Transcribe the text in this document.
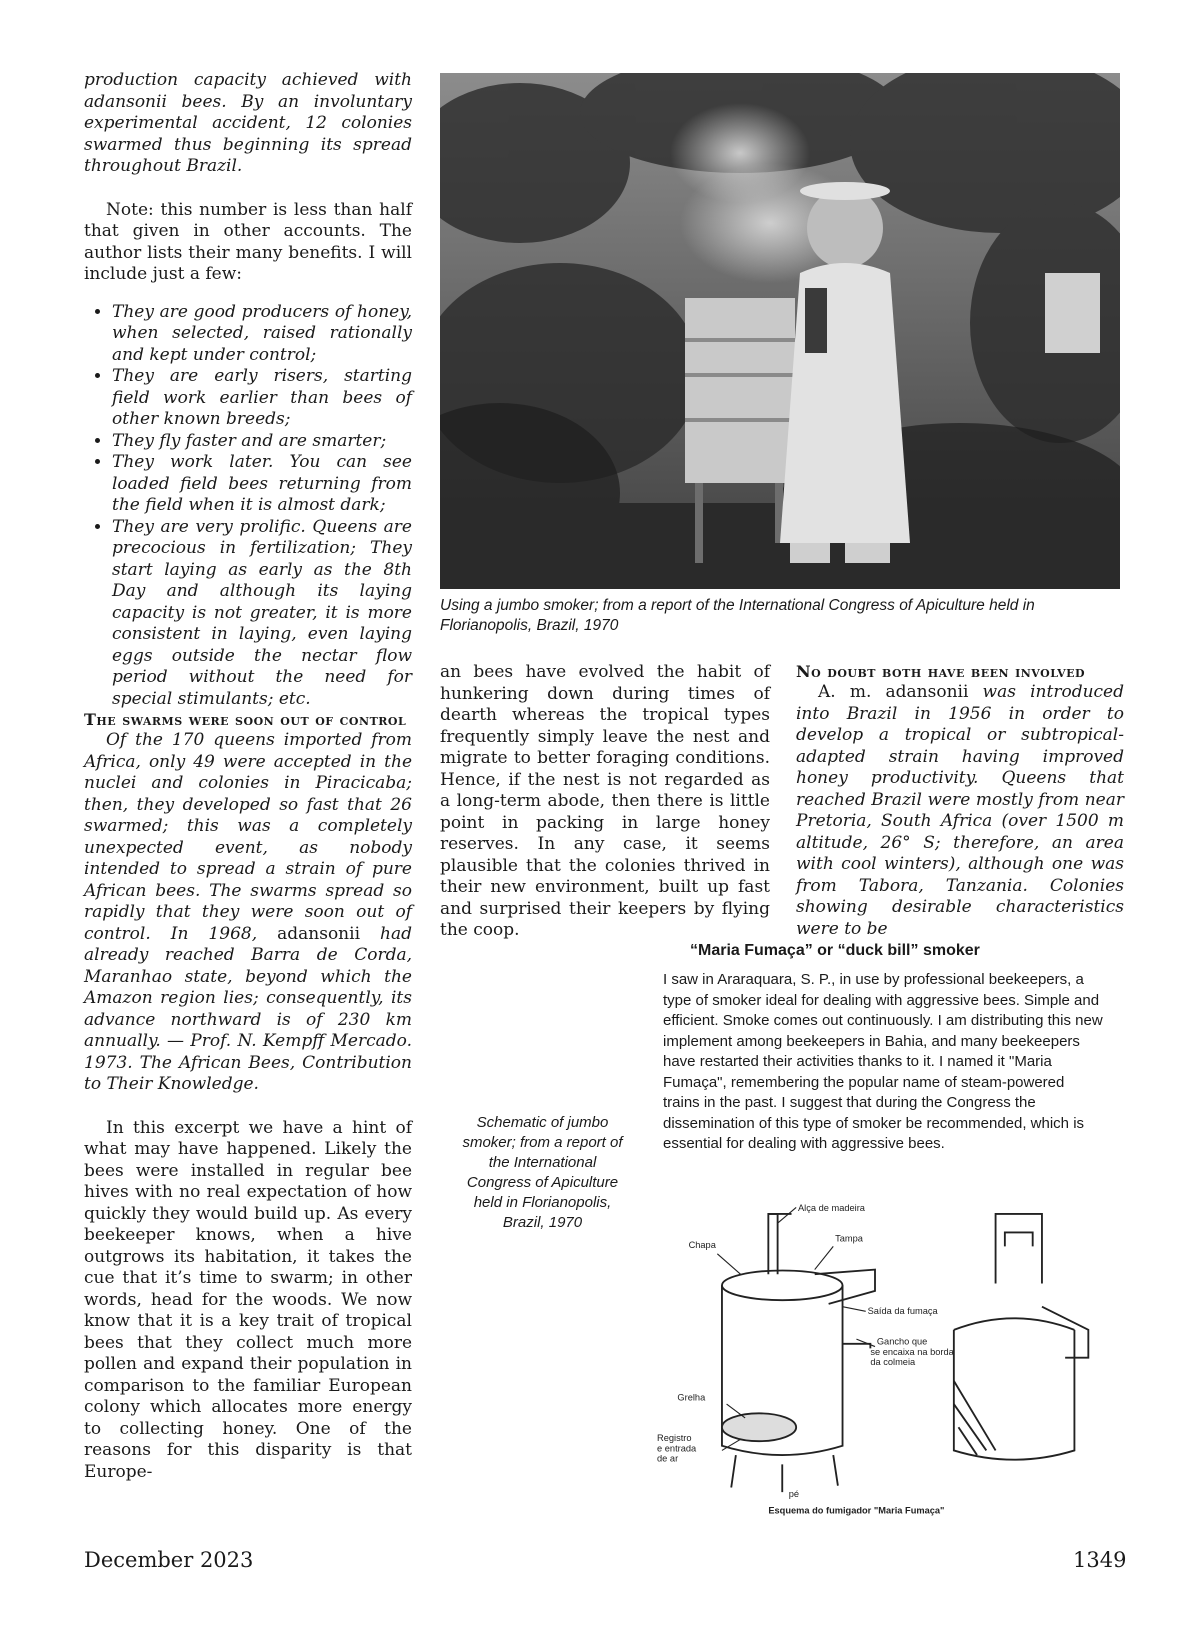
production capacity achieved with adansonii bees. By an involuntary experimental accident, 12 colonies swarmed thus beginning its spread throughout Brazil.

Note: this number is less than half that given in other accounts. The author lists their many benefits. I will include just a few:

• They are good producers of honey, when selected, raised rationally and kept under control;
• They are early risers, starting field work earlier than bees of other known breeds;
• They fly faster and are smarter;
• They work later. You can see loaded field bees returning from the field when it is almost dark;
• They are very prolific. Queens are precocious in fertilization; They start laying as early as the 8th Day and although its laying capacity is not greater, it is more consistent in laying, even laying eggs outside the nectar flow period without the need for special stimulants; etc.

The swarms were soon out of control

Of the 170 queens imported from Africa, only 49 were accepted in the nuclei and colonies in Piracicaba; then, they developed so fast that 26 swarmed; this was a completely unexpected event, as nobody intended to spread a strain of pure African bees. The swarms spread so rapidly that they were soon out of control. In 1968, adansonii had already reached Barra de Corda, Maranhao state, beyond which the Amazon region lies; consequently, its advance northward is of 230 km annually. — Prof. N. Kempff Mercado. 1973. The African Bees, Contribution to Their Knowledge.

In this excerpt we have a hint of what may have happened. Likely the bees were installed in regular bee hives with no real expectation of how quickly they would build up. As every beekeeper knows, when a hive outgrows its habitation, it takes the cue that it’s time to swarm; in other words, head for the woods. We now know that it is a key trait of tropical bees that they collect much more pollen and expand their population in comparison to the familiar European colony which allocates more energy to collecting honey. One of the reasons for this disparity is that Europe-

Using a jumbo smoker; from a report of the International Congress of Apiculture held in Florianopolis, Brazil, 1970

an bees have evolved the habit of hunkering down during times of dearth whereas the tropical types frequently simply leave the nest and migrate to better foraging conditions. Hence, if the nest is not regarded as a long-term abode, then there is little point in packing in large honey reserves. In any case, it seems plausible that the colonies thrived in their new environment, built up fast and surprised their keepers by flying the coop.

No doubt both have been involved

A. m. adansonii was introduced into Brazil in 1956 in order to develop a tropical or subtropical-adapted strain having improved honey productivity. Queens that reached Brazil were mostly from near Pretoria, South Africa (over 1500 m altitude, 26° S; therefore, an area with cool winters), although one was from Tabora, Tanzania. Colonies showing desirable characteristics were to be

“Maria Fumaça” or “duck bill” smoker
I saw in Araraquara, S. P., in use by professional beekeepers, a type of smoker ideal for dealing with aggressive bees. Simple and efficient. Smoke comes out continuously. I am distributing this new implement among beekeepers in Bahia, and many beekeepers have restarted their activities thanks to it. I named it "Maria Fumaça", remembering the popular name of steam-powered trains in the past. I suggest that during the Congress the dissemination of this type of smoker be recommended, which is essential for dealing with aggressive bees.
Schematic of jumbo smoker; from a report of the International Congress of Apiculture held in Florianopolis, Brazil, 1970
Alça de madeira
Chapa
Tampa
Saída da fumaça
Gancho que
se encaixa na borda
da colmeia
Grelha
Registro
e entrada
de ar
pé
Esquema do fumigador "Maria Fumaça"
December 2023	1349
